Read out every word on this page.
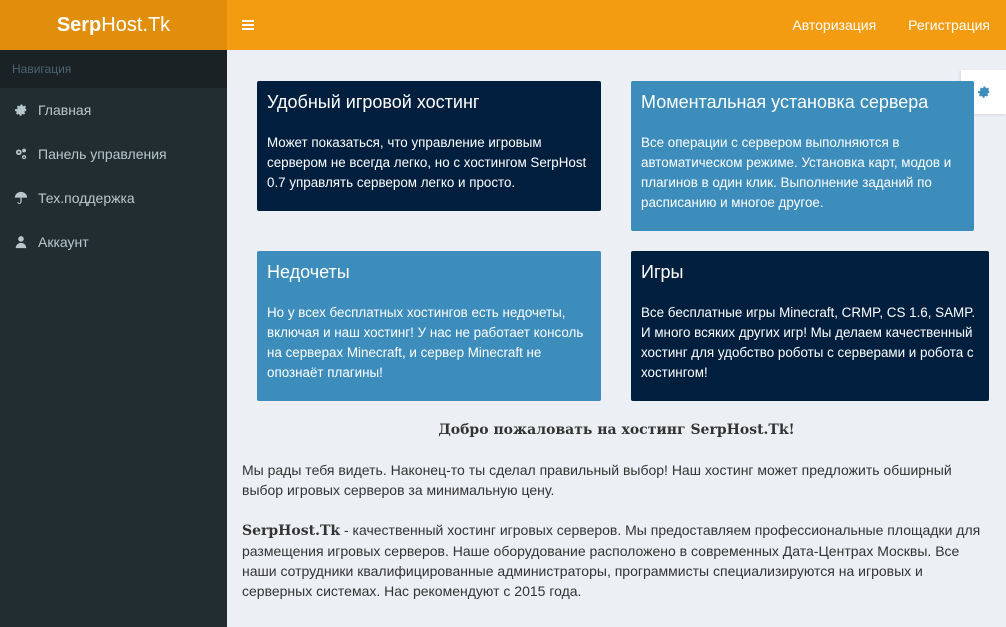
Serp Host.Tk
Навигация
Главная
Панель управления
Тех.поддержка
Аккаунт
Авторизация	Регистрация
Удобный игровой хостинг

Может показаться, что управление игровым сервером не всегда легко, но с хостингом SerpHost 0.7 управлять сервером легко и просто.

Моментальная установка сервера

Все операции с сервером выполняются в автоматическом режиме. Установка карт, модов и плагинов в один клик. Выполнение заданий по расписанию и многое другое.

Недочеты

Но у всех бесплатных хостингов есть недочеты, включая и наш хостинг! У нас не работает консоль на серверах Minecraft, и сервер Minecraft не опознаёт плагины!

Игры

Все бесплатные игры Minecraft, CRMP, CS 1.6, SAMP. И много всяких других игр! Мы делаем качественный хостинг для удобство роботы с серверами и робота с хостингом!

Добро пожаловать на хостинг SerpHost.Tk!

Мы рады тебя видеть. Наконец-то ты сделал правильный выбор! Наш хостинг может предложить обширный выбор игровых серверов за минимальную цену.

SerpHost.Tk - качественный хостинг игровых серверов. Мы предоставляем профессиональные площадки для размещения игровых серверов. Наше оборудование расположено в современных Дата-Центрах Москвы. Все наши сотрудники квалифицированные администраторы, программисты специализируются на игровых и серверных системах. Нас рекомендуют с 2015 года.
